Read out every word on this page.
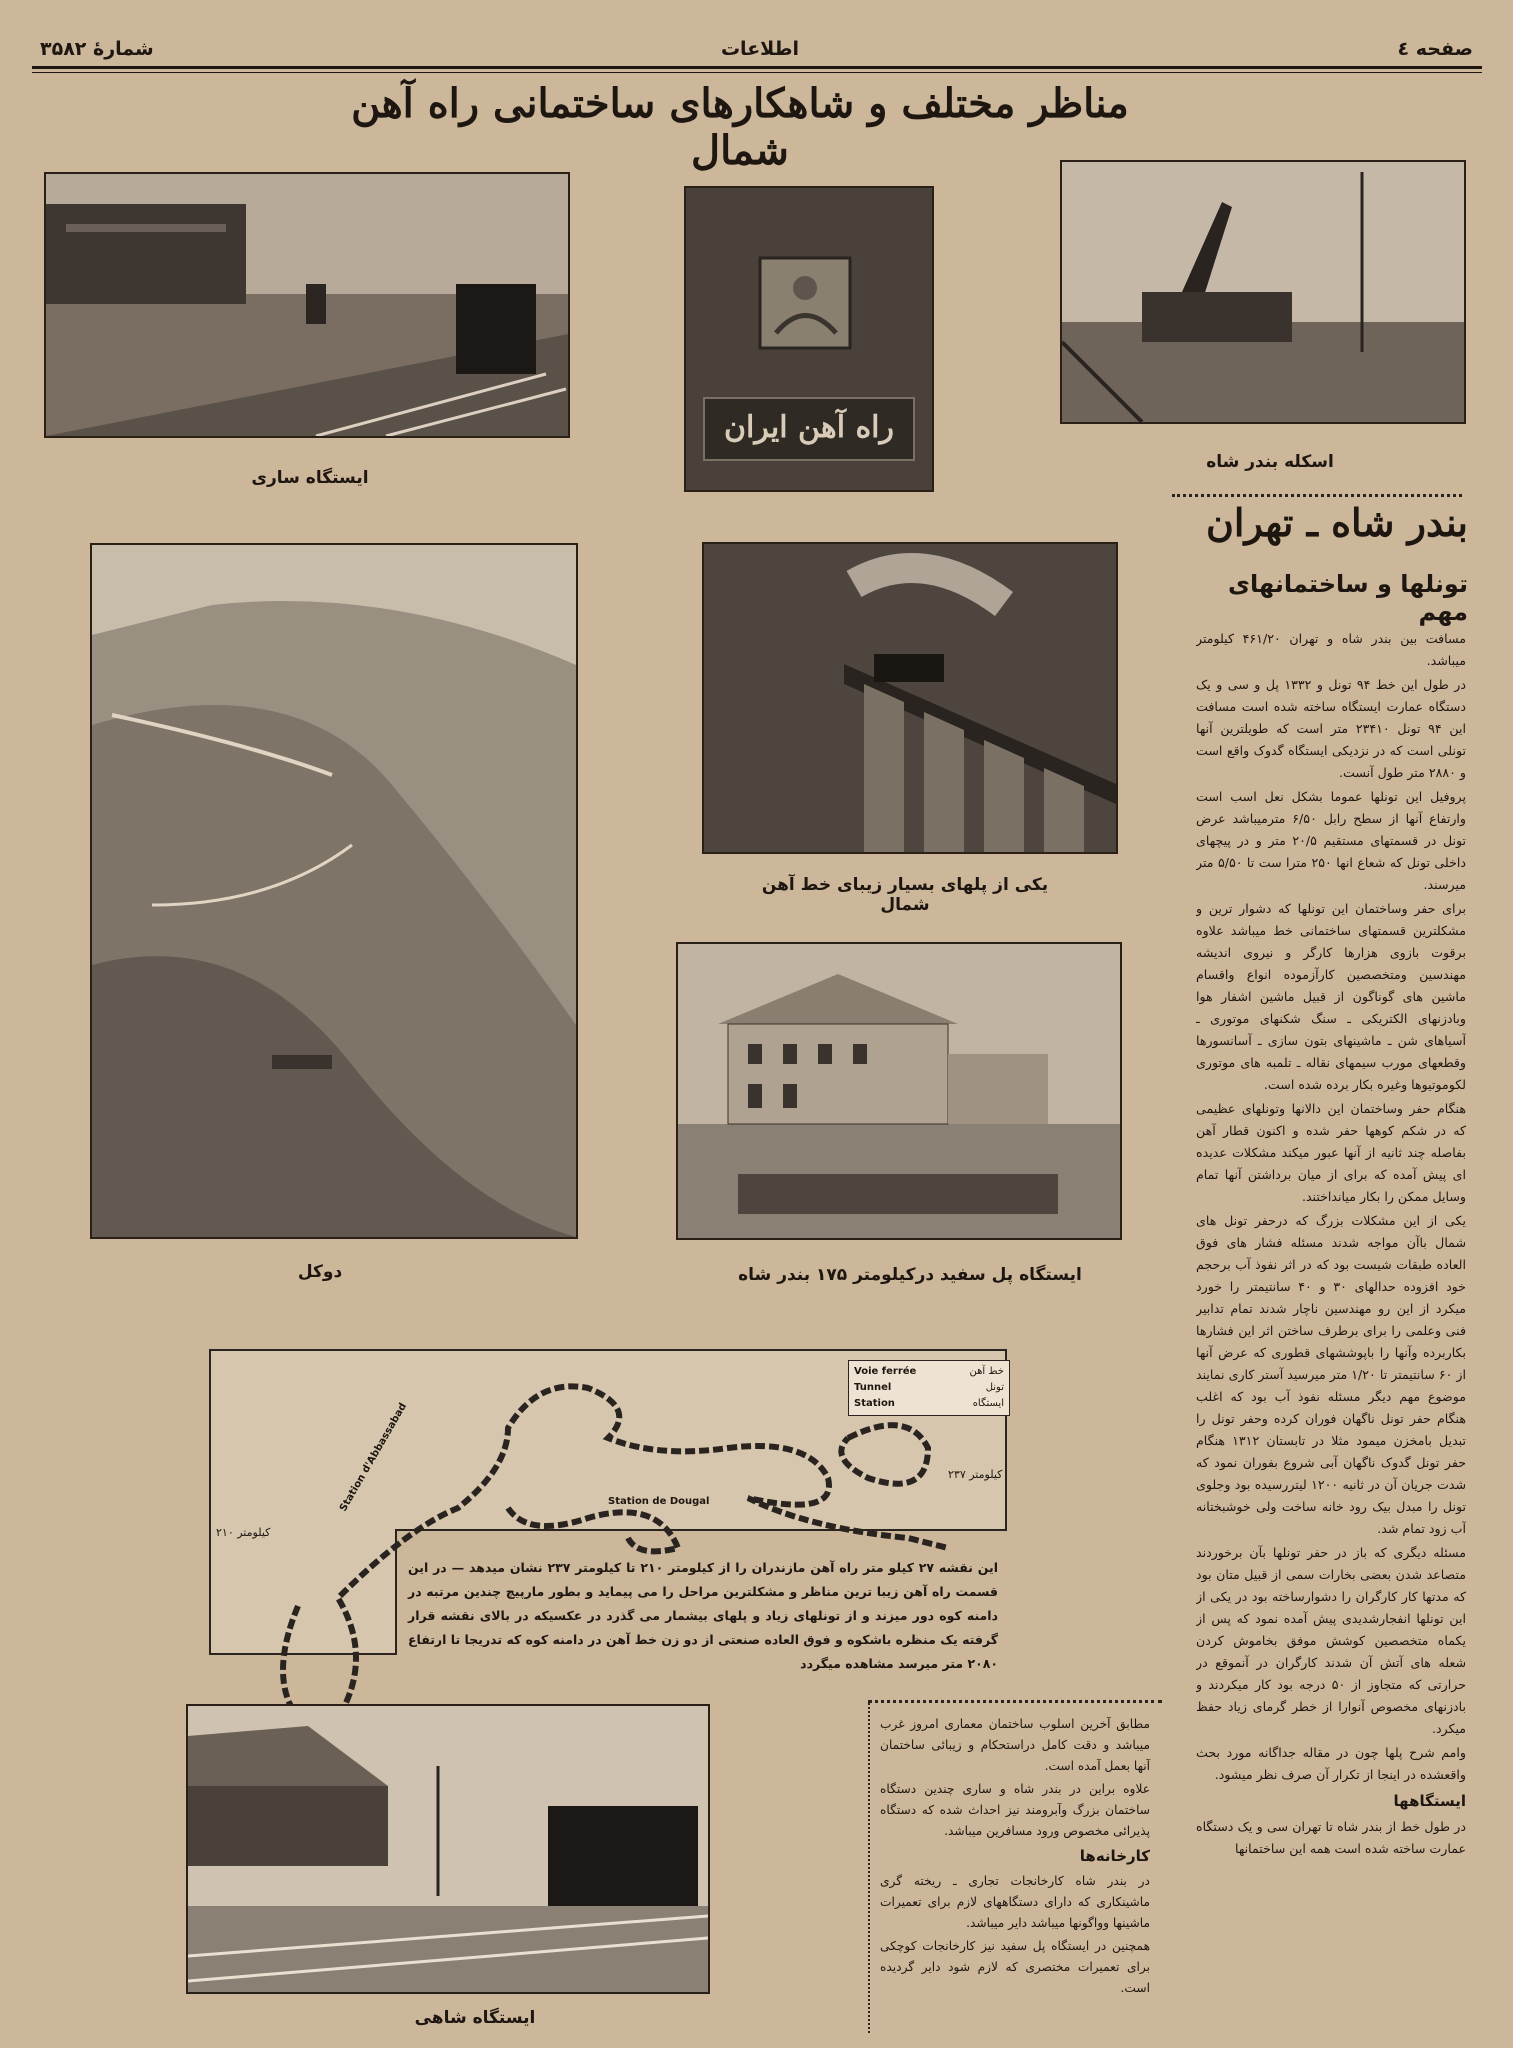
صفحه ٤
اطلاعات
شمارهٔ ۳۵۸۲
مناظر مختلف و شاهکارهای ساختمانی راه آهن شمال
ایستگاه ساری
راه آهن ایران
اسکله بندر شاه
دوکل
یکی از پلهای بسیار زیبای خط آهن شمال
ایستگاه پل سفید درکیلومتر ۱۷۵ بندر شاه
Voie ferrée	خط آهن
Tunnel	تونل
Station	ایستگاه
Station d'Abbassabad	Station de Dougal
کیلومتر ۲۱۰
کیلومتر ۲۳۷
این نقشه ۲۷ کیلو متر راه آهن مازندران را از کیلومتر ۲۱۰ تا کیلومتر ۲۳۷ نشان میدهد — در این قسمت راه آهن زیبا ترین مناظر و مشکلترین مراحل را می پیماید و بطور مارپیچ چندین مرتبه در دامنه کوه دور میزند و از تونلهای زیاد و پلهای بیشمار می گذرد در عکسیکه در بالای نقشه قرار گرفته یک منظره باشکوه و فوق العاده صنعتی از دو زن خط آهن در دامنه کوه که تدریجا تا ارتفاع ۲۰۸۰ متر میرسد مشاهده میگردد
ایستگاه شاهی

مطابق آخرین اسلوب ساختمان معماری امروز غرب میباشد و دقت کامل دراستحکام و زیبائی ساختمان آنها بعمل آمده است.

علاوه براین در بندر شاه و ساری چندین دستگاه ساختمان بزرگ وآبرومند نیز احداث شده که دستگاه پذیرائی مخصوص ورود مسافرین میباشد.

کارخانه‌ها

در بندر شاه کارخانجات تجاری ـ ریخته گری ماشینکاری که دارای دستگاههای لازم برای تعمیرات ماشینها وواگونها میباشد دایر میباشد.

همچنین در ایستگاه پل سفید نیز کارخانجات کوچکی برای تعمیرات مختصری که لازم شود دایر گردیده است.

بندر شاه ـ تهران
تونلها و ساختمانهای مهم

مسافت بین بندر شاه و تهران ۴۶۱/۲۰ کیلومتر میباشد.

در طول این خط ۹۴ تونل و ۱۳۳۲ پل و سی و یک دستگاه عمارت ایستگاه ساخته شده است مسافت این ۹۴ تونل ۲۳۴۱۰ متر است که طویلترین آنها تونلی است که در نزدیکی ایستگاه گدوک واقع است و ۲۸۸۰ متر طول آنست.

پروفیل این تونلها عموما بشکل نعل اسب است وارتفاع آنها از سطح رابل ۶/۵۰ مترمیباشد عرض تونل در قسمتهای مستقیم ۲۰/۵ متر و در پیچهای داخلی تونل که شعاع انها ۲۵۰ مترا ست تا ۵/۵۰ متر میرسند.

برای حفر وساختمان این تونلها که دشوار ترین و مشکلترین قسمتهای ساختمانی خط میباشد علاوه برقوت بازوی هزارها کارگر و نیروی اندیشه مهندسین ومتخصصین کارآزموده انواع واقسام ماشین های گوناگون از قبیل ماشین اشفار هوا وبادزنهای الکتریکی ـ سنگ شکنهای موتوری ـ آسیاهای شن ـ ماشینهای بتون سازی ـ آسانسورها وقطعهای مورب سیمهای نقاله ـ تلمبه های موتوری لکوموتیوها وغیره بکار برده شده است.

هنگام حفر وساختمان این دالانها وتونلهای عظیمی که در شکم کوهها حفر شده و اکنون قطار آهن بفاصله چند ثانیه از آنها عبور میکند مشکلات عدیده ای پیش آمده که برای از میان برداشتن آنها تمام وسایل ممکن را بکار میانداختند.

یکی از این مشکلات بزرگ که درحفر تونل های شمال باآن مواجه شدند مسئله فشار های فوق العاده طبقات شیست بود که در اثر نفوذ آب برحجم خود افزوده حدالهای ۳۰ و ۴۰ سانتیمتر را خورد میکرد از این رو مهندسین ناچار شدند تمام تدابیر فنی وعلمی را برای برطرف ساختن اثر این فشارها بکاربرده وآنها را باپوششهای قطوری که عرض آنها از ۶۰ سانتیمتر تا ۱/۲۰ متر میرسید آستر کاری نمایند موضوع مهم دیگر مسئله نفوذ آب بود که اغلب هنگام حفر تونل ناگهان فوران کرده وحفر تونل را تبدیل بامخزن میمود مثلا در تابستان ۱۳۱۲ هنگام حفر تونل گدوک ناگهان آبی شروع بفوران نمود که شدت جریان آن در ثانیه ۱۲۰۰ لیتررسیده بود وجلوی تونل را مبدل بیک رود خانه ساخت ولی خوشبختانه آب زود تمام شد.

مسئله دیگری که باز در حفر تونلها بآن برخوردند متصاعد شدن بعضی بخارات سمی از قبیل متان بود که مدتها کار کارگران را دشوارساخته بود در یکی از این تونلها انفجارشدیدی پیش آمده نمود که پس از یکماه متخصصین کوشش موفق بخاموش کردن شعله های آتش آن شدند کارگران در آنموقع در حرارتی که متجاوز از ۵۰ درجه بود کار میکردند و بادزنهای مخصوص آنوارا از خطر گرمای زیاد حفظ میکرد.

وامم شرح پلها چون در مقاله جداگانه مورد بحث واقعشده در اینجا از تکرار آن صرف نظر میشود.

ایستگاهها

در طول خط از بندر شاه تا تهران سی و یک دستگاه عمارت ساخته شده است همه این ساختمانها
